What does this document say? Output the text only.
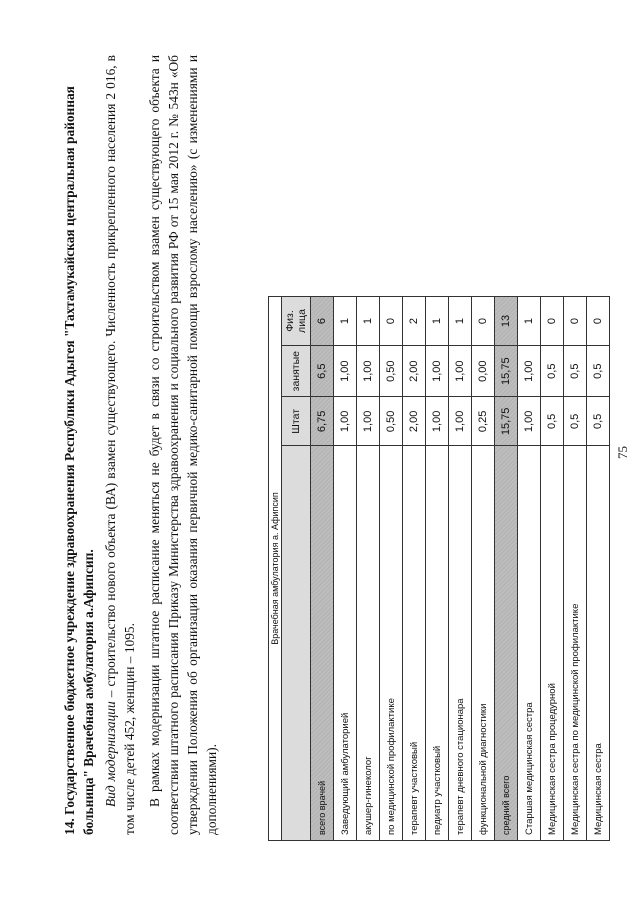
14. Государственное бюджетное учреждение здравоохранения Республики Адыгея "Тахтамукайская центральная районная больница" Врачебная амбулатория а.Афипсип. Вид модернизации – строительство нового объекта (ВА) взамен существующего. Численность прикрепленного населения 2 016, в том числе детей 452, женщин – 1095. В рамках модернизации штатное расписание меняться не будет в связи со строительством взамен существующего объекта и соответствии штатного расписания Приказу Министерства здравоохранения и социального развития РФ от 15 мая 2012 г. № 543н «Об утверждении Положения об организации оказания первичной медико-санитарной помощи взрослому населению» (с изменениями и дополнениями).

Врачебная амбулатория а. Афипсип			
	Штат	занятые	Физ. лица
всего врачей	6,75	6,5	6
Заведующий амбулаторией	1,00	1,00	1
акушер-гинеколог	1,00	1,00	1
по медицинской профилактике	0,50	0,50	0
терапевт участковый	2,00	2,00	2
педиатр участковый	1,00	1,00	1
терапевт дневного стационара	1,00	1,00	1
функциональной диагностики	0,25	0,00	0
средний всего	15,75	15,75	13
Старшая медицинская сестра	1,00	1,00	1
Медицинская сестра процедурной	0,5	0,5	0
Медицинская сестра по медицинской профилактике	0,5	0,5	0
Медицинская сестра	0,5	0,5	0
75
